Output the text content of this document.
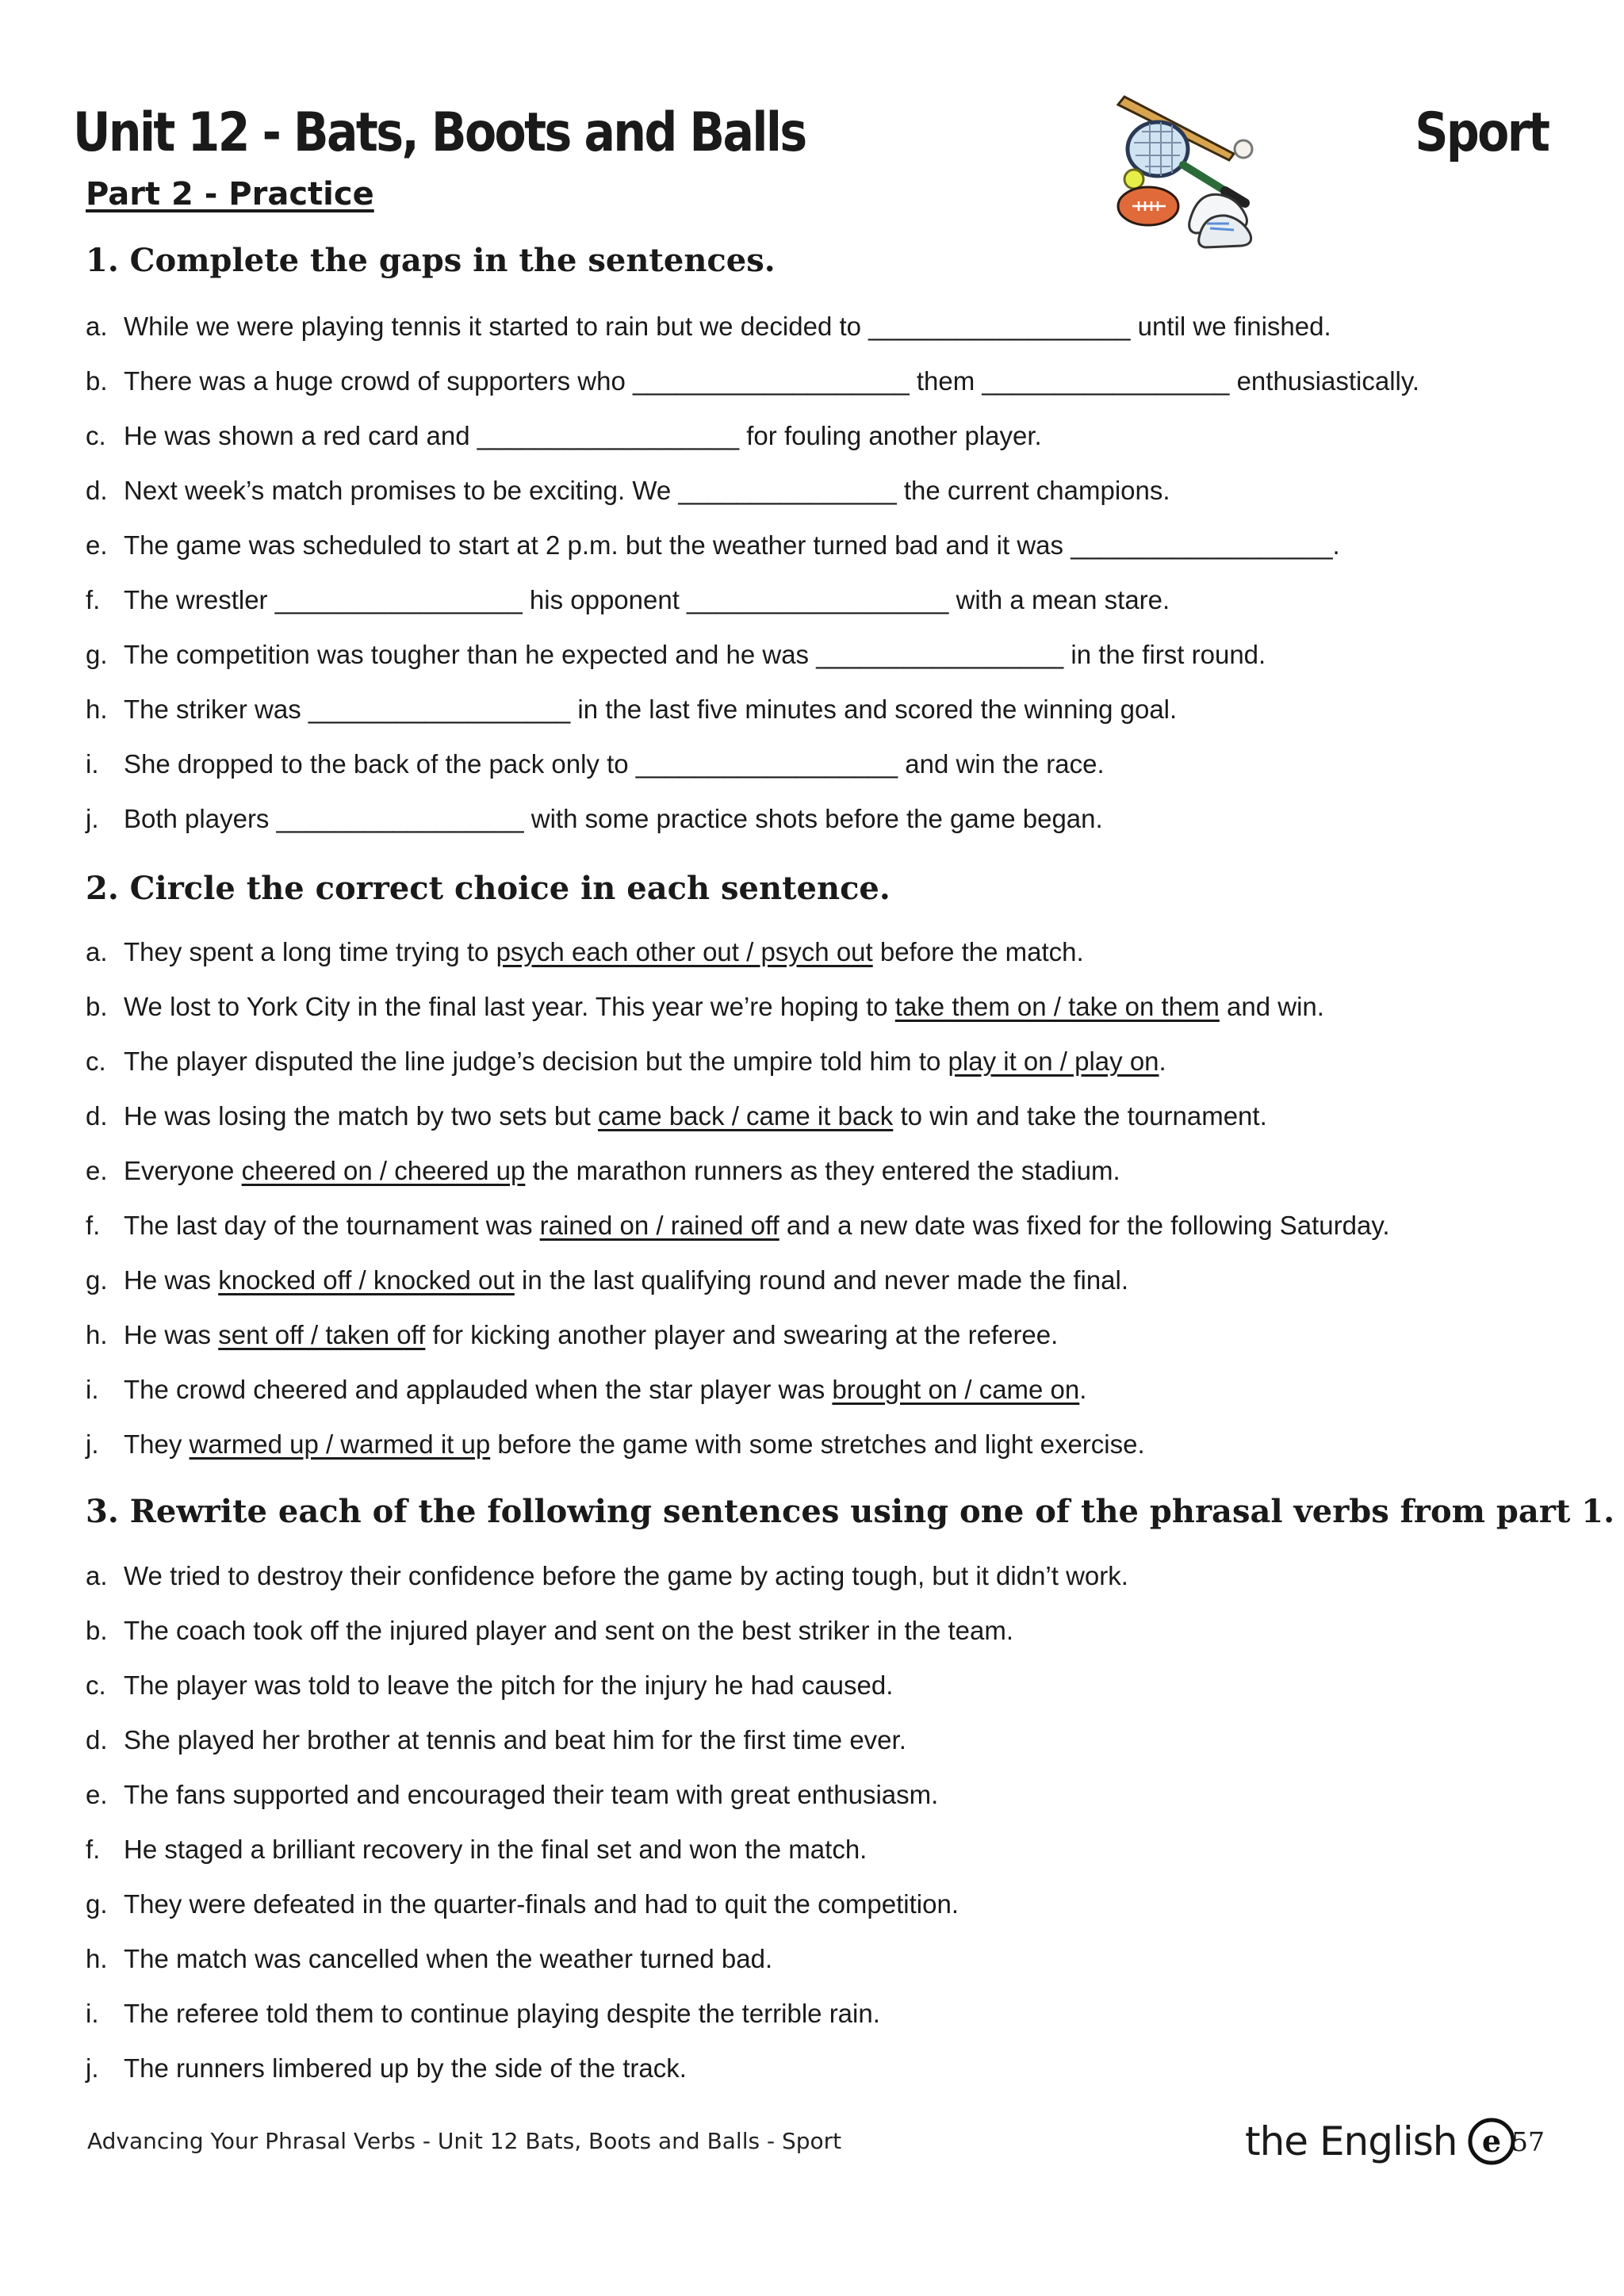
Unit 12 - Bats, Boots and Balls	Sport
Part 2 - Practice
1. Complete the gaps in the sentences.
a. While we were playing tennis it started to rain but we decided to __________________ until we finished.
b. There was a huge crowd of supporters who ___________________ them _________________ enthusiastically.
c. He was shown a red card and __________________ for fouling another player.
d. Next week’s match promises to be exciting. We _______________ the current champions.
e. The game was scheduled to start at 2 p.m. but the weather turned bad and it was __________________.
f. The wrestler _________________ his opponent __________________ with a mean stare.
g. The competition was tougher than he expected and he was _________________ in the first round.
h. The striker was __________________ in the last five minutes and scored the winning goal.
i. She dropped to the back of the pack only to __________________ and win the race.
j. Both players _________________ with some practice shots before the game began.
2. Circle the correct choice in each sentence.
a. They spent a long time trying to psych each other out / psych out before the match.
b. We lost to York City in the final last year. This year we’re hoping to take them on / take on them and win.
c. The player disputed the line judge’s decision but the umpire told him to play it on / play on.
d. He was losing the match by two sets but came back / came it back to win and take the tournament.
e. Everyone cheered on / cheered up the marathon runners as they entered the stadium.
f. The last day of the tournament was rained on / rained off and a new date was fixed for the following Saturday.
g. He was knocked off / knocked out in the last qualifying round and never made the final.
h. He was sent off / taken off for kicking another player and swearing at the referee.
i. The crowd cheered and applauded when the star player was brought on / came on.
j. They warmed up / warmed it up before the game with some stretches and light exercise.
3. Rewrite each of the following sentences using one of the phrasal verbs from part 1.
a. We tried to destroy their confidence before the game by acting tough, but it didn’t work.
b. The coach took off the injured player and sent on the best striker in the team.
c. The player was told to leave the pitch for the injury he had caused.
d. She played her brother at tennis and beat him for the first time ever.
e. The fans supported and encouraged their team with great enthusiasm.
f. He staged a brilliant recovery in the final set and won the match.
g. They were defeated in the quarter-finals and had to quit the competition.
h. The match was cancelled when the weather turned bad.
i. The referee told them to continue playing despite the terrible rain.
j. The runners limbered up by the side of the track.
Advancing Your Phrasal Verbs - Unit 12 Bats, Boots and Balls - Sport	the English e 57
